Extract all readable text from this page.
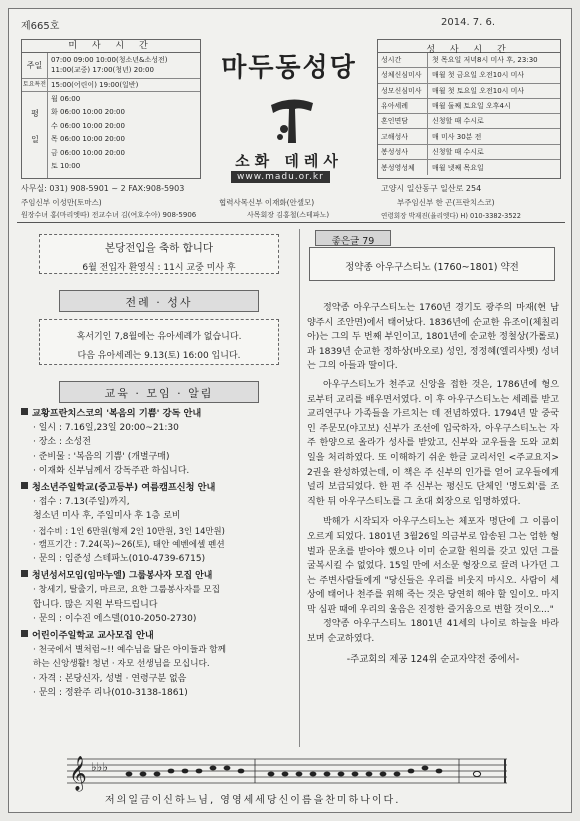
제665호	2014. 7. 6.
미 사 시 간
주일
07:00 09:00 10:00(청소년&소성전)
11:00(교중) 17:00(청년) 20:00
토요특전 15:00(어린이) 19:00(일반)
평일
월 06:00
화 06:00 10:00 20:00
수 06:00 10:00 20:00
목 06:00 10:00 20:00
금 06:00 10:00 20:00
토 10:00
마두동성당
소화 데레사
www.madu.or.kr
성 사 시 간
성시간	첫 목요일 저녁8시 미사 후, 23:30
성체신심미사	매월 첫 금요일 오전10시 미사
성모신심미사	매월 첫 토요일 오전10시 미사
유아세례	매월 둘째 토요일 오후4시
혼인면담	신청할 때 수시로
고해성사	매 미사 30분 전
봉성성사	신청할 때 수시로
봉성영성체	매월 넷째 목요일
사무실: 031) 908-5901 ~ 2 FAX:908-5903	고양시 일산동구 일산로 254
주임신부 이성만(토마스)	협력사목신부 이재화(안셀모)	부주임신부 한 곤(프란치스코)
원장수녀 홍(마리엣따) 전교수녀 김(여호수아) 908-5906	사목회장 김홍철(스테파노)	연령회장 박재진(율리엣다) H) 010-3382-3522
본당전입을 축하 합니다
6월 전입자 환영식 : 11시 교중 미사 후
전례 · 성사
혹서기인 7,8월에는 유아세례가 없습니다.
다음 유아세례는 9.13(토) 16:00 입니다.
교육 · 모임 · 알림
교황프란치스코의 '복음의 기쁨' 강독 안내
· 일시 : 7.16일,23일 20:00~21:30
· 장소 : 소성전
· 준비물 : '복음의 기쁨' (개별구매)
· 이재화 신부님께서 강독주관 하십니다.
청소년주일학교(중고등부) 여름캠프신청 안내
· 접수 : 7.13(주일)까지,
청소년 미사 후, 주일미사 후 1층 로비
· 접수비 : 1인 6만원(형제 2인 10만원, 3인 14만원)
· 캠프기간 : 7.24(목)~26(토), 태안 예벤에셀 펜션
· 문의 : 임준성 스테파노(010-4739-6715)
청년성서모임(임마누엘) 그룹봉사자 모집 안내
· 창세기, 탈출기, 마르코, 요한 그룹봉사자를 모집
합니다. 많은 지원 부탁드립니다
· 문의 : 이수진 에스델(010-2050-2730)
어린이주일학교 교사모집 안내
· 천국에서 별처럼~!! 예수님을 닮은 아이들과 함께
하는 신앙생활! 청년 · 자모 선생님을 모십니다.
· 자격 : 본당신자, 성별 · 연령구분 없음
· 문의 : 정완주 리나(010-3138-1861)
좋은글 79
정약종 아우구스티노 (1760~1801) 약전

정약종 아우구스티노는 1760년 경기도 광주의 마재(현 남양주시 조안면)에서 태어났다. 1836년에 순교한 유조이(체칠리아)는 그의 두 번째 부인이고, 1801년에 순교한 정철상(가롤로)과 1839년 순교한 정하상(바오로) 성인, 정정혜(엘리사벳) 성녀는 그의 아들과 딸이다.

아우구스티노가 천주교 신앙을 접한 것은, 1786년에 형으로부터 교리를 배우면서였다. 이 후 아우구스티노는 세례를 받고 교리연구나 가족들을 가르치는 데 전념하였다. 1794년 말 중국인 주문모(야고보) 신부가 조선에 입국하자, 아우구스티노는 자주 한양으로 올라가 성사를 받았고, 신부와 교우들을 도와 교회 일을 처리하였다. 또 이해하기 쉬운 한글 교리서인 <주교요지> 2권을 완성하였는데, 이 책은 주 신부의 인가를 얻어 교우들에게 널리 보급되었다. 한 편 주 신부는 평신도 단체인 '명도회'를 조직한 뒤 아우구스티노를 그 초대 회장으로 임명하였다.

박해가 시작되자 아우구스티노는 체포자 명단에 그 이름이 오르게 되었다. 1801년 3월26일 의금부로 압송된 그는 엄한 형벌과 문초를 받아야 했으나 이미 순교할 원의를 갖고 있던 그를 굴복시킬 수 없었다. 15일 만에 서소문 형장으로 끌려 나가던 그는 주변사람들에게 "당신들은 우리를 비웃지 마시오. 사람이 세상에 태어나 천주를 위해 죽는 것은 당연히 해야 할 일이오. 마지막 심판 때에 우리의 울음은 진정한 즐거움으로 변할 것이오..."

정약종 아우구스티노 1801년 41세의 나이로 하늘을 바라보며 순교하였다.

-주교회의 제공 124위 순교자약전 중에서-

𝄞 ♭♭♭
저의일금이신하느님, 영영세세당신이름을찬미하나이다.
